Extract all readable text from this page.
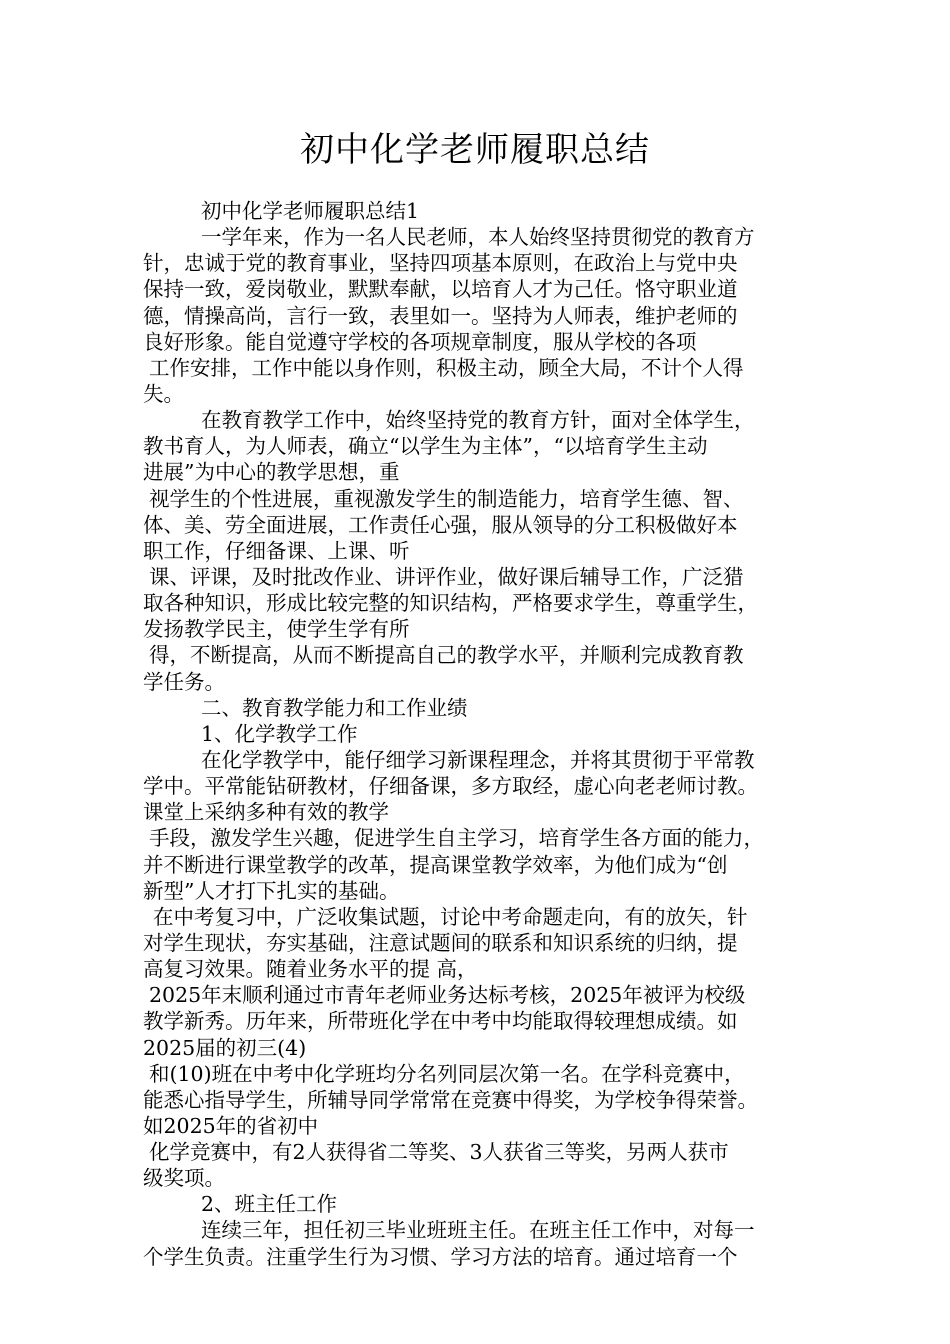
初中化学老师履职总结
初中化学老师履职总结1
一学年来，作为一名人民老师，本人始终坚持贯彻党的教育方
针，忠诚于党的教育事业，坚持四项基本原则，在政治上与党中央
保持一致，爱岗敬业，默默奉献，以培育人才为己任。恪守职业道
德，情操高尚，言行一致，表里如一。坚持为人师表，维护老师的
良好形象。能自觉遵守学校的各项规章制度，服从学校的各项
工作安排，工作中能以身作则，积极主动，顾全大局，不计个人得
失。
在教育教学工作中，始终坚持党的教育方针，面对全体学生，
教书育人，为人师表，确立“以学生为主体”，“以培育学生主动
进展”为中心的教学思想，重
视学生的个性进展，重视激发学生的制造能力，培育学生德、智、
体、美、劳全面进展，工作责任心强，服从领导的分工积极做好本
职工作，仔细备课、上课、听
课、评课，及时批改作业、讲评作业，做好课后辅导工作，广泛猎
取各种知识，形成比较完整的知识结构，严格要求学生，尊重学生，
发扬教学民主，使学生学有所
得，不断提高，从而不断提高自己的教学水平，并顺利完成教育教
学任务。
二、教育教学能力和工作业绩
1、化学教学工作
在化学教学中，能仔细学习新课程理念，并将其贯彻于平常教
学中。平常能钻研教材，仔细备课，多方取经，虚心向老老师讨教。
课堂上采纳多种有效的教学
手段，激发学生兴趣，促进学生自主学习，培育学生各方面的能力，
并不断进行课堂教学的改革，提高课堂教学效率，为他们成为“创
新型”人才打下扎实的基础。
在中考复习中，广泛收集试题，讨论中考命题走向，有的放矢，针
对学生现状，夯实基础，注意试题间的联系和知识系统的归纳，提
高复习效果。随着业务水平的提 高，
2025年末顺利通过市青年老师业务达标考核，2025年被评为校级
教学新秀。历年来，所带班化学在中考中均能取得较理想成绩。如
2025届的初三(4)
和(10)班在中考中化学班均分名列同层次第一名。在学科竞赛中，
能悉心指导学生，所辅导同学常常在竞赛中得奖，为学校争得荣誉。
如2025年的省初中
化学竞赛中，有2人获得省二等奖、3人获省三等奖，另两人获市
级奖项。
2、班主任工作
连续三年，担任初三毕业班班主任。在班主任工作中，对每一
个学生负责。注重学生行为习惯、学习方法的培育。通过培育一个
